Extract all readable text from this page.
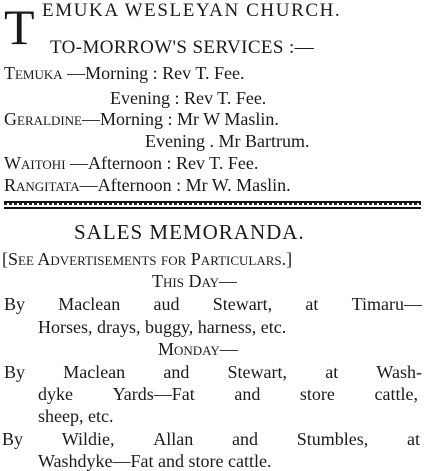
T EMUKA WESLEYAN CHURCH.
TO-MORROW'S SERVICES :—
Temuka —Morning : Rev T. Fee.
Evening : Rev T. Fee.
Geraldine—Morning : Mr W Maslin.
Evening . Mr Bartrum.
Waitohi —Afternoon : Rev T. Fee.
Rangitata—Afternoon : Mr W. Maslin.
SALES MEMORANDA.
[See Advertisements for Particulars.]
This Day—
By Maclean aud Stewart, at Timaru—
Horses, drays, buggy, harness, etc.
Monday—
By Maclean and Stewart, at Wash-
dyke Yards—Fat and store cattle,
sheep, etc.
By Wildie, Allan and Stumbles, at
Washdyke—Fat and store cattle.
